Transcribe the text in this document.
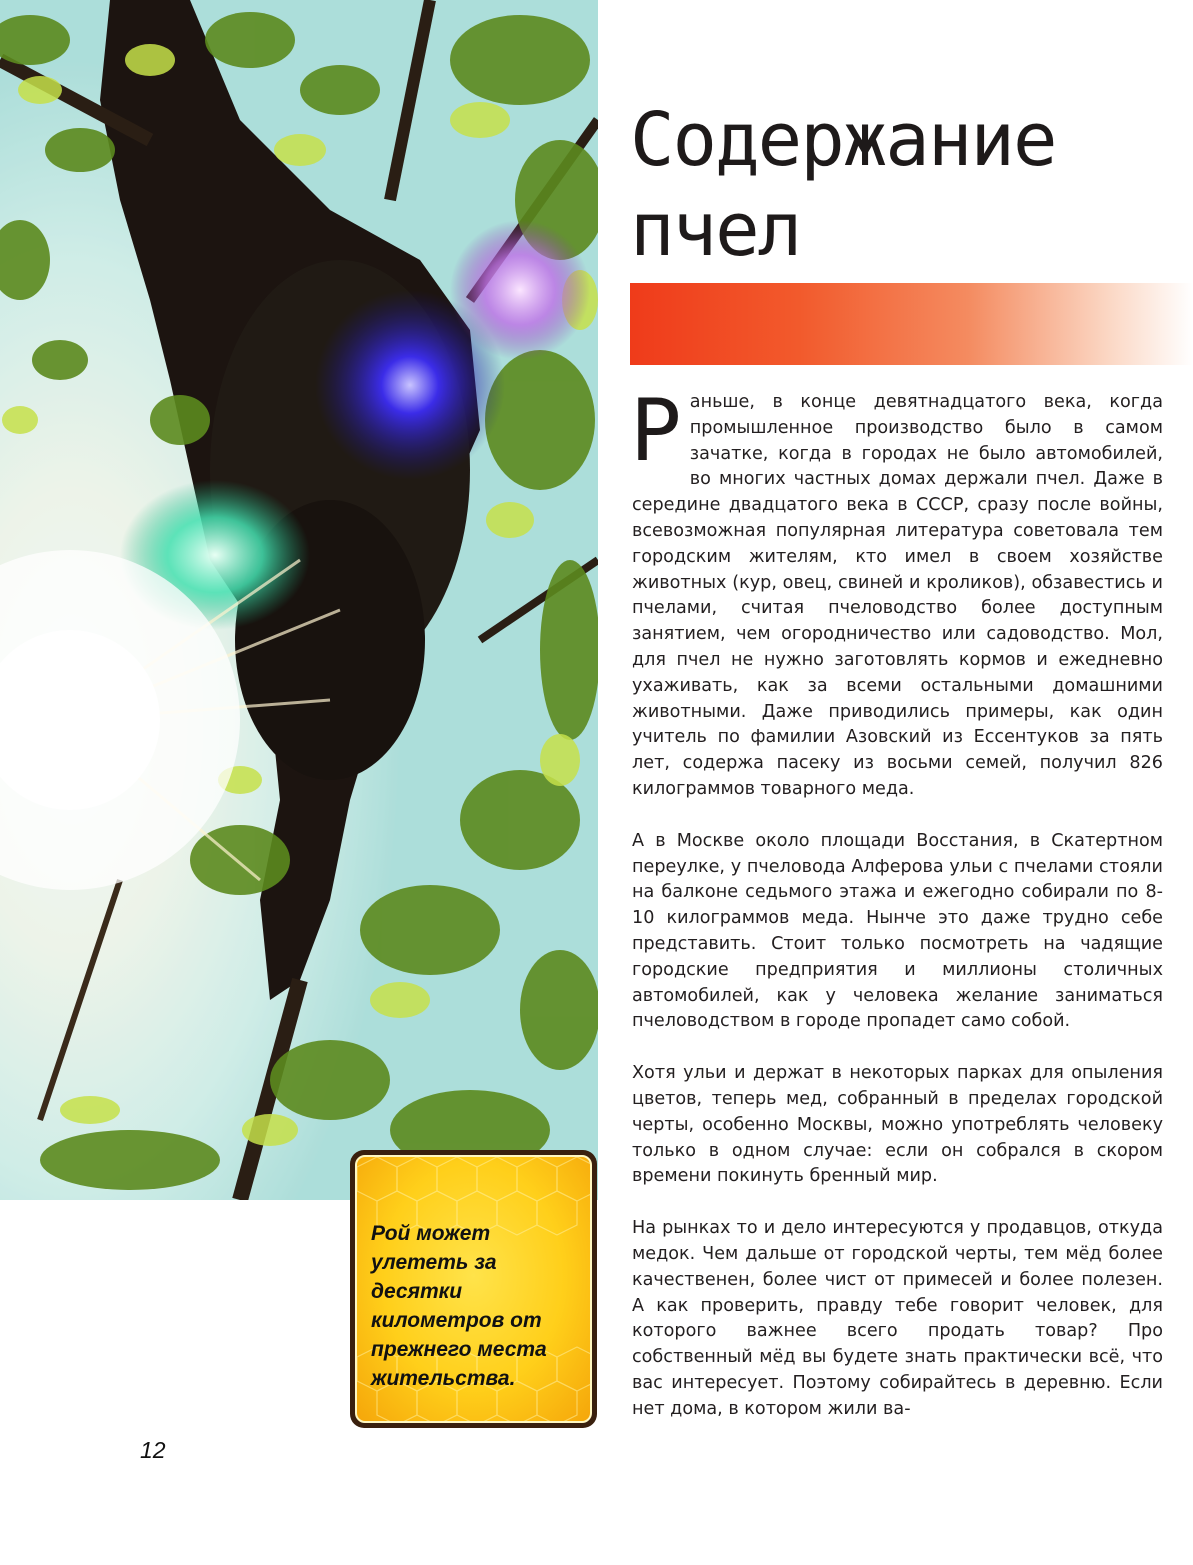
Содержание
пчел

Р аньше, в конце девятнадцатого века, когда промышленное производство было в самом зачатке, когда в городах не было автомобилей, во многих частных домах держали пчел. Даже в середине двадцатого века в СССР, сразу после войны, всевозможная популярная литература советовала тем городским жителям, кто имел в своем хозяйстве животных (кур, овец, свиней и кроликов), обзавестись и пчелами, считая пчеловодство более доступным занятием, чем огородничество или садоводство. Мол, для пчел не нужно заготовлять кормов и ежедневно ухаживать, как за всеми остальными домашними животными. Даже приводились примеры, как один учитель по фамилии Азовский из Ессентуков за пять лет, содержа пасеку из восьми семей, получил 826 килограммов товарного меда.

А в Москве около площади Восстания, в Скатертном переулке, у пчеловода Алферова ульи с пчелами стояли на балконе седьмого этажа и ежегодно собирали по 8-10 килограммов меда. Нынче это даже трудно себе представить. Стоит только посмотреть на чадящие городские предприятия и миллионы столичных автомобилей, как у человека желание заниматься пчеловодством в городе пропадет само собой.

Хотя ульи и держат в некоторых парках для опыления цветов, теперь мед, собранный в пределах городской черты, особенно Москвы, можно употреблять человеку только в одном случае: если он собрался в скором времени покинуть бренный мир.

На рынках то и дело интересуются у продавцов, откуда медок. Чем дальше от городской черты, тем мёд более качественен, более чист от примесей и более полезен. А как проверить, правду тебе говорит человек, для которого важнее всего продать товар? Про собственный мёд вы будете знать практически всё, что вас интересует. Поэтому собирайтесь в деревню. Если нет дома, в котором жили ва-

Рой может улететь за десятки километров от прежнего места жительства.

12
